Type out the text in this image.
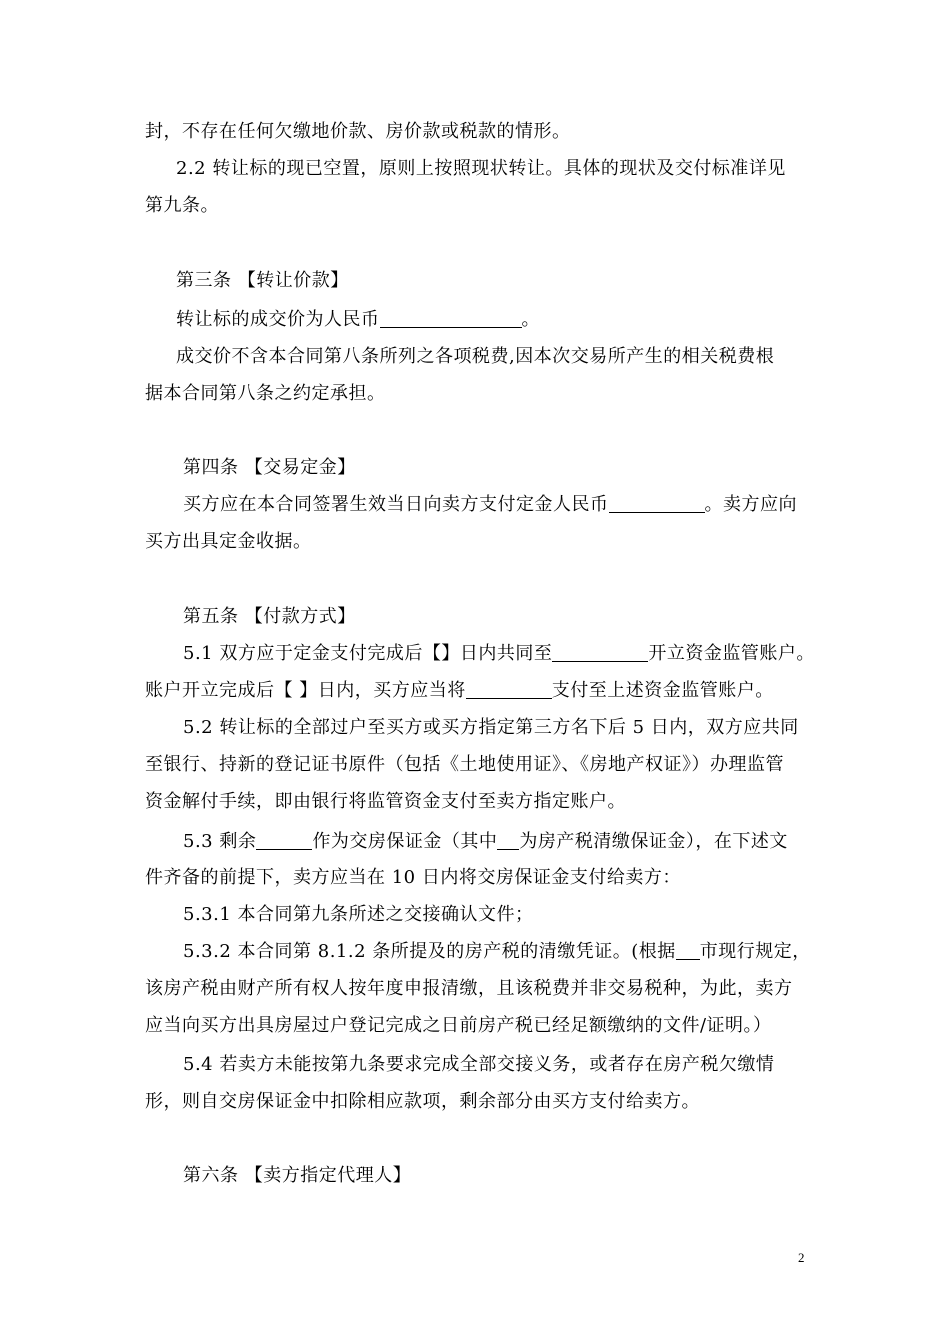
封，不存在任何欠缴地价款、房价款或税款的情形。
2.2 转让标的现已空置，原则上按照现状转让。具体的现状及交付标准详见
第九条。
第三条 【转让价款】
转让标的成交价为人民币	。
成交价不含本合同第八条所列之各项税费,因本次交易所产生的相关税费根
据本合同第八条之约定承担。
第四条 【交易定金】
买方应在本合同签署生效当日向卖方支付定金人民币	。卖方应向
买方出具定金收据。
第五条 【付款方式】
5.1 双方应于定金支付完成后【】日内共同至	开立资金监管账户。
账户开立完成后【 】日内，买方应当将	支付至上述资金监管账户。
5.2 转让标的全部过户至买方或买方指定第三方名下后 5 日内，双方应共同
至银行、持新的登记证书原件（包括《土地使用证》、《房地产权证》）办理监管
资金解付手续，即由银行将监管资金支付至卖方指定账户。
5.3 剩余	作为交房保证金（其中 为房产税清缴保证金），在下述文
件齐备的前提下，卖方应当在 10 日内将交房保证金支付给卖方：
5.3.1 本合同第九条所述之交接确认文件；
5.3.2 本合同第 8.1.2 条所提及的房产税的清缴凭证。(根据 市现行规定，
该房产税由财产所有权人按年度申报清缴，且该税费并非交易税种，为此，卖方
应当向买方出具房屋过户登记完成之日前房产税已经足额缴纳的文件/证明。）
5.4 若卖方未能按第九条要求完成全部交接义务，或者存在房产税欠缴情
形，则自交房保证金中扣除相应款项，剩余部分由买方支付给卖方。
第六条 【卖方指定代理人】
2
